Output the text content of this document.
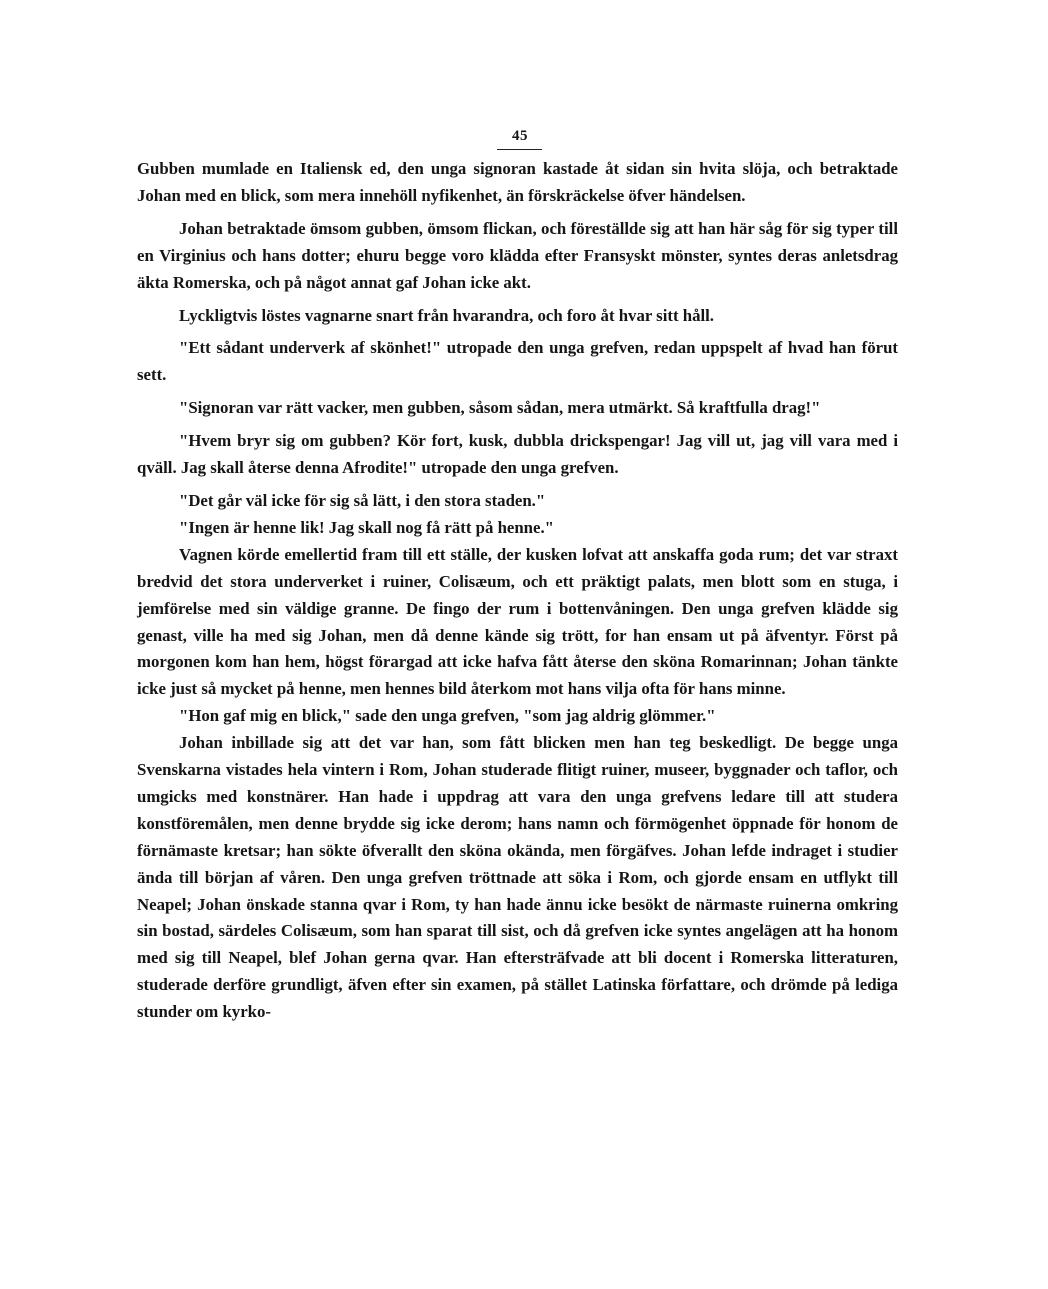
45

Gubben mumlade en Italiensk ed, den unga signoran kastade åt sidan sin hvita slöja, och betraktade Johan med en blick, som mera innehöll nyfikenhet, än förskräckelse öfver händelsen.

Johan betraktade ömsom gubben, ömsom flickan, och föreställde sig att han här såg för sig typer till en Virginius och hans dotter; ehuru begge voro klädda efter Fransyskt mönster, syntes deras anletsdrag äkta Romerska, och på något annat gaf Johan icke akt.

Lyckligtvis löstes vagnarne snart från hvarandra, och foro åt hvar sitt håll.

"Ett sådant underverk af skönhet!" utropade den unga grefven, redan uppspelt af hvad han förut sett.

"Signoran var rätt vacker, men gubben, såsom sådan, mera utmärkt. Så kraftfulla drag!"

"Hvem bryr sig om gubben? Kör fort, kusk, dubbla drickspengar! Jag vill ut, jag vill vara med i qväll. Jag skall återse denna Afrodite!" utropade den unga grefven.

"Det går väl icke för sig så lätt, i den stora staden."

"Ingen är henne lik! Jag skall nog få rätt på henne."

Vagnen körde emellertid fram till ett ställe, der kusken lofvat att anskaffa goda rum; det var straxt bredvid det stora underverket i ruiner, Colisæum, och ett präktigt palats, men blott som en stuga, i jemförelse med sin väldige granne. De fingo der rum i bottenvåningen. Den unga grefven klädde sig genast, ville ha med sig Johan, men då denne kände sig trött, for han ensam ut på äfventyr. Först på morgonen kom han hem, högst förargad att icke hafva fått återse den sköna Romarinnan; Johan tänkte icke just så mycket på henne, men hennes bild återkom mot hans vilja ofta för hans minne.

"Hon gaf mig en blick," sade den unga grefven, "som jag aldrig glömmer."

Johan inbillade sig att det var han, som fått blicken men han teg beskedligt. De begge unga Svenskarna vistades hela vintern i Rom, Johan studerade flitigt ruiner, museer, byggnader och taflor, och umgicks med konstnärer. Han hade i uppdrag att vara den unga grefvens ledare till att studera konstföremålen, men denne brydde sig icke derom; hans namn och förmögenhet öppnade för honom de förnämaste kretsar; han sökte öfverallt den sköna okända, men förgäfves. Johan lefde indraget i studier ända till början af våren. Den unga grefven tröttnade att söka i Rom, och gjorde ensam en utflykt till Neapel; Johan önskade stanna qvar i Rom, ty han hade ännu icke besökt de närmaste ruinerna omkring sin bostad, särdeles Colisæum, som han sparat till sist, och då grefven icke syntes angelägen att ha honom med sig till Neapel, blef Johan gerna qvar. Han eftersträfvade att bli docent i Romerska litteraturen, studerade derföre grundligt, äfven efter sin examen, på stället Latinska författare, och drömde på lediga stunder om kyrko-
